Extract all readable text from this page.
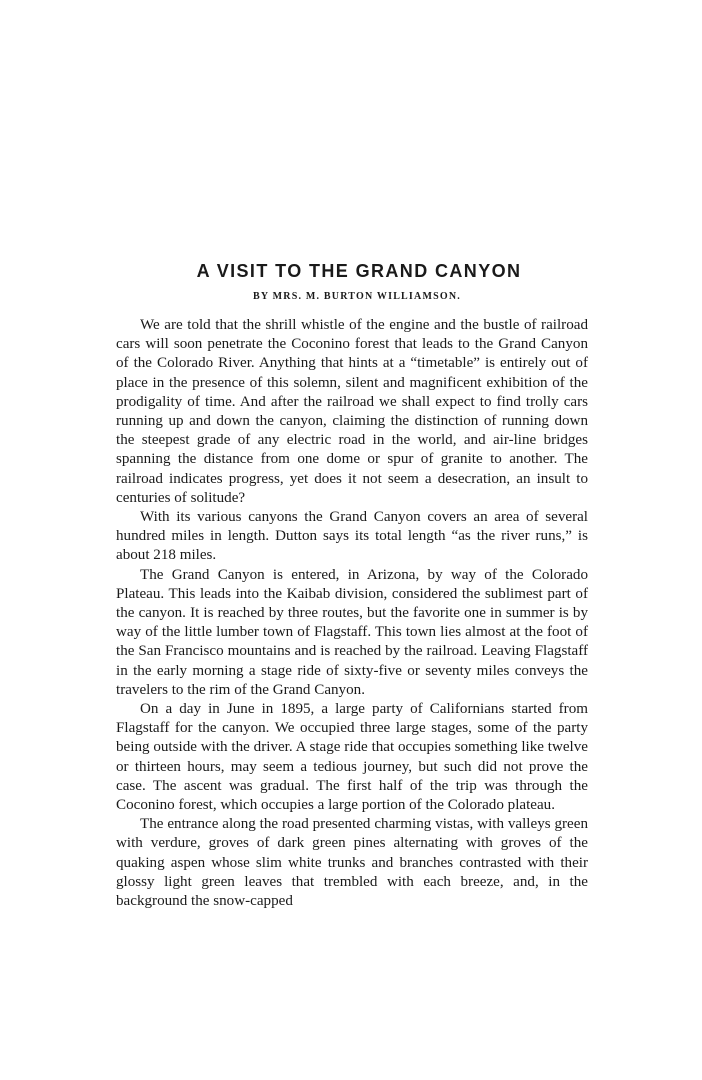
A VISIT TO THE GRAND CANYON
BY MRS. M. BURTON WILLIAMSON.

We are told that the shrill whistle of the engine and the bustle of railroad cars will soon penetrate the Coconino forest that leads to the Grand Canyon of the Colorado River. Anything that hints at a “timetable” is entirely out of place in the presence of this solemn, silent and magnificent exhibition of the prodigality of time. And after the railroad we shall expect to find trolly cars running up and down the canyon, claiming the distinction of running down the steepest grade of any electric road in the world, and air-line bridges spanning the distance from one dome or spur of granite to another. The railroad indicates progress, yet does it not seem a desecration, an insult to centuries of solitude?

With its various canyons the Grand Canyon covers an area of several hundred miles in length. Dutton says its total length “as the river runs,” is about 218 miles.

The Grand Canyon is entered, in Arizona, by way of the Colorado Plateau. This leads into the Kaibab division, considered the sublimest part of the canyon. It is reached by three routes, but the favorite one in summer is by way of the little lumber town of Flagstaff. This town lies almost at the foot of the San Francisco mountains and is reached by the railroad. Leaving Flagstaff in the early morning a stage ride of sixty-five or seventy miles conveys the travelers to the rim of the Grand Canyon.

On a day in June in 1895, a large party of Californians started from Flagstaff for the canyon. We occupied three large stages, some of the party being outside with the driver. A stage ride that occupies something like twelve or thirteen hours, may seem a tedious journey, but such did not prove the case. The ascent was gradual. The first half of the trip was through the Coconino forest, which occupies a large portion of the Colorado plateau.

The entrance along the road presented charming vistas, with valleys green with verdure, groves of dark green pines alternating with groves of the quaking aspen whose slim white trunks and branches contrasted with their glossy light green leaves that trembled with each breeze, and, in the background the snow-capped
